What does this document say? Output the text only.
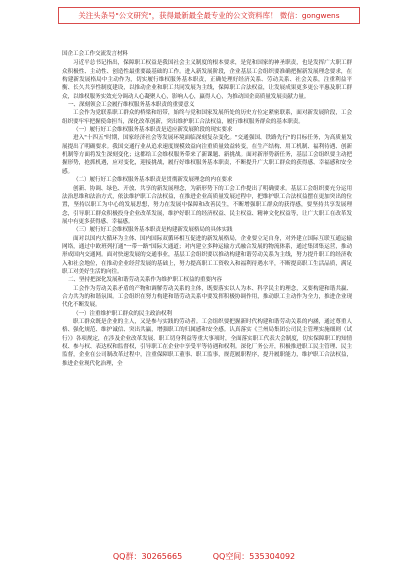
关注头条号"公文研究"，获得最新最全最专业的公文资料库！ 微信：gongwens

国企工会工作交流发言材料

习近平总书记指出，保障职工权益是我国社会主义制度的根本要求，是党和国家的神圣职责，也是发挥广大职工群众积极性、主动性、创造性最重要最基础的工作。进入新发展阶段，企业基层工会组织要准确把握新发展理念要求，在构建新发展格局中主动作为，切实履行维权服务基本职责，正确处理好经济关系、劳动关系、社会关系，注重利益平衡、长久共享性制度建设，以推动企业和职工共同发展为主线，保障职工合法权益，让发展成果更多更公平惠及职工群众，以维权服务实效充分调动人心凝聚人心，影响人心，赢得人心，为推动国企高质量发展贡献力量。

一、深刻领会工会履行维权服务基本职责的重要意义

工会作为党联系职工群众的桥梁和纽带，始终与党和国家发展所处的历史方位定紧密联系，面对新发展阶段，工会组织要牢牢把握使命担当，深化改革创新，突出维护职工合法权益，履行维权服务群众的基本职责。

（一）履行好工会维权服务基本职责是适应新发展阶段的现实要求

进入"十四五"时期，国家经济社会等发展环境面临深刻复杂变化。"交通强国、铁路先行"的目标任务，为高质量发展提出了明确要求。我国交通行业从追求速度规模效益向注重质量效益转变，在生产结构、用工机制、福利待遇、创新机制等方面将发生深刻变化；这都给工会维权服务带来了新课题、新挑战。面对新形势新任务，基层工会组织要主动把握形势，抢抓机遇，应对变化，迎接挑战，履行好维权服务基本职责，不断提升广大职工群众的获得感、幸福感和安全感。

（二）履行好工会维权服务基本职责是贯彻新发展理念的内在要求

创新、协调、绿色、开放、共享的新发展理念，为新形势下的工会工作提出了明确要求。基层工会组织要充分运用法治思维和法治方式，依法维护职工合法权益，在推进企业高质量发展过程中，把维护职工合法权益摆在更加突出的位置，坚持以职工为中心的发展思想，努力在发展中保障和改善民生，不断增强职工群众的获得感，要坚持共享发展理念，引导职工群众积极投身企业改革发展，维护好职工的经济权益、民主权益、精神文化权益等，让广大职工在改革发展中有更多获得感、幸福感。

（三）履行好工会维权服务基本职责是构建新发展格局的具体实践

面对以国内大循环为主体、国内国际双循环相互促进的新发展格局，企业要立足自身，对外建立国际互联互通运输网络，通过中欧班列打通"一带一路"国际大通道；对内建立多种运输方式融合发展的物流体系，通过集团集运营，推动形成国内交通网。面对快速发展的交通事业，基层工会组织要以推动构建和谐劳动关系为主线，努力提升职工的经济收入和社会地位，在推动企业经营发展的基础上，努力提高职工工资收入和福利待遇水平，不断提高职工生活品质，满足职工对美好生活的向往。

二、坚持把深化发展和谐劳动关系作为维护职工权益的重要内容

工会作为劳动关系矛盾的产物和调解劳动关系的主体，既要落实以人为本、科学民主的理念，又要构建和谐共赢、合力共为的和谐氛围。工会组织在努力构建和谐劳动关系中要发挥积极协调作用，推动职工主动作为全力，推进企业现代化不断发展。

（一）注重维护职工群众的民主政治权利

职工群众既是企业的主人，又是参与实践的劳动者。工会组织要把握新时代构建和谐劳动关系的内涵，通过尊重人格、强化规范、维护诚信、突出共赢，增强职工的归属感和安全感。认真落实《兰州局集团公司民主管理实施细则（试行）》各项规定，在涉及企业改革发展、职工切身利益等重大事项时，全面落实职工代表大会制度，切实保障职工的知情权、参与权、表达权和监督权，引导职工在企业中享受平等待遇和权利。深化厂务公开，积极推进职工民主管理、民主监督，企业在公司制改革过程中，注重保障职工董事、职工监事，规范履职程序，提升履职能力，维护职工合法权益，推进企业现代化治理，全

QQ群：30265665	QQ空间：535304092
